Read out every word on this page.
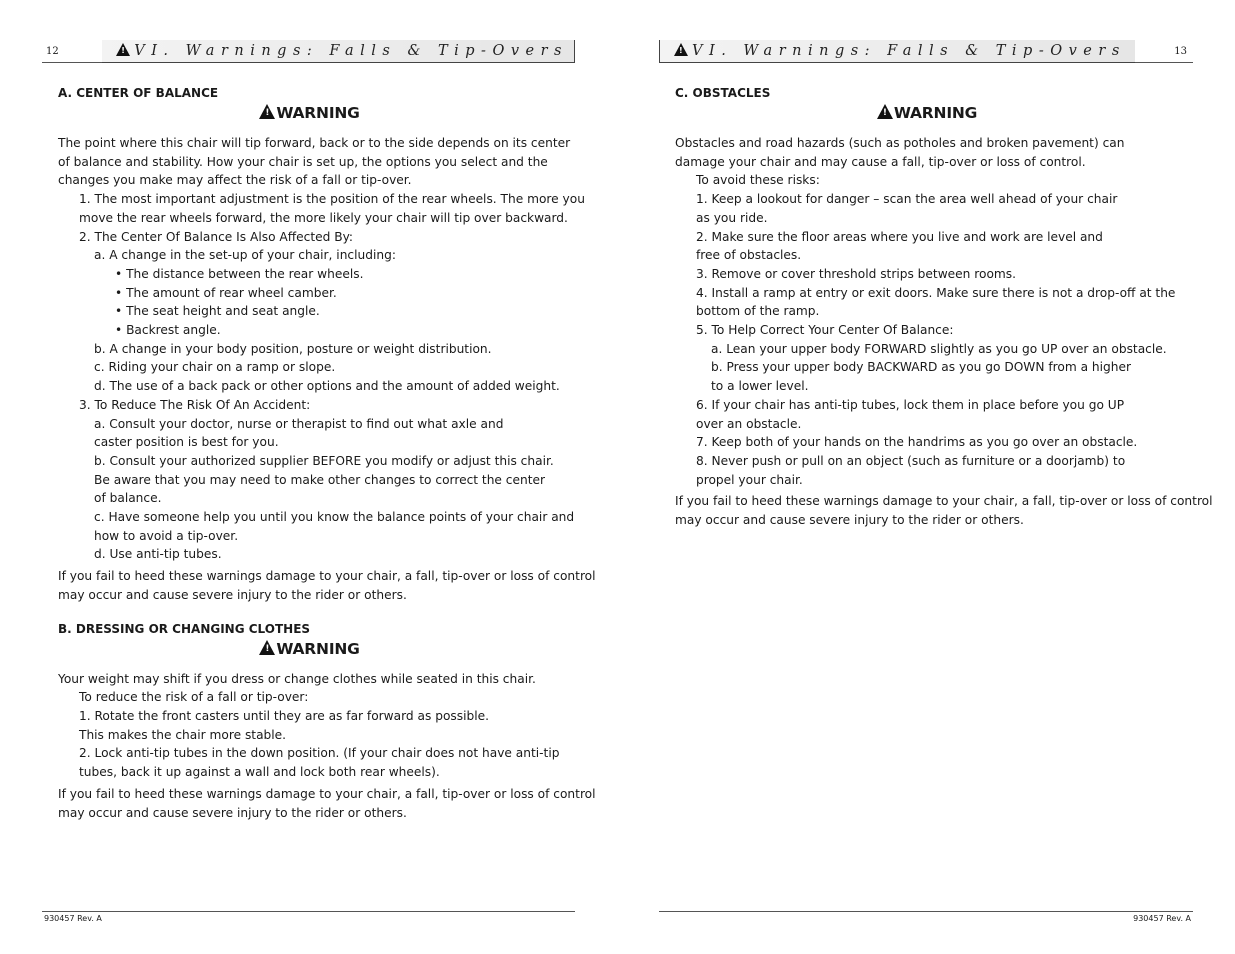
12
!	VI. Warnings: Falls & Tip-Overs
A. CENTER OF BALANCE
!WARNING
The point where this chair will tip forward, back or to the side depends on its center
of balance and stability. How your chair is set up, the options you select and the
changes you make may affect the risk of a fall or tip-over.
1. The most important adjustment is the position of the rear wheels. The more you
move the rear wheels forward, the more likely your chair will tip over backward.
2. The Center Of Balance Is Also Affected By:
a. A change in the set-up of your chair, including:
• The distance between the rear wheels.
• The amount of rear wheel camber.
• The seat height and seat angle.
• Backrest angle.
b. A change in your body position, posture or weight distribution.
c. Riding your chair on a ramp or slope.
d. The use of a back pack or other options and the amount of added weight.
3. To Reduce The Risk Of An Accident:
a. Consult your doctor, nurse or therapist to find out what axle and
caster position is best for you.
b. Consult your authorized supplier BEFORE you modify or adjust this chair.
Be aware that you may need to make other changes to correct the center
of balance.
c. Have someone help you until you know the balance points of your chair and
how to avoid a tip-over.
d. Use anti-tip tubes.
If you fail to heed these warnings damage to your chair, a fall, tip-over or loss of control
may occur and cause severe injury to the rider or others.
B. DRESSING OR CHANGING CLOTHES
!WARNING
Your weight may shift if you dress or change clothes while seated in this chair.
To reduce the risk of a fall or tip-over:
1. Rotate the front casters until they are as far forward as possible.
This makes the chair more stable.
2. Lock anti-tip tubes in the down position. (If your chair does not have anti-tip
tubes, back it up against a wall and lock both rear wheels).
If you fail to heed these warnings damage to your chair, a fall, tip-over or loss of control
may occur and cause severe injury to the rider or others.
930457 Rev. A
13
!VI. Warnings: Falls & Tip-Overs
C. OBSTACLES
!WARNING
Obstacles and road hazards (such as potholes and broken pavement) can
damage your chair and may cause a fall, tip-over or loss of control.
To avoid these risks:
1. Keep a lookout for danger – scan the area well ahead of your chair
as you ride.
2. Make sure the floor areas where you live and work are level and
free of obstacles.
3. Remove or cover threshold strips between rooms.
4. Install a ramp at entry or exit doors. Make sure there is not a drop-off at the
bottom of the ramp.
5. To Help Correct Your Center Of Balance:
a. Lean your upper body FORWARD slightly as you go UP over an obstacle.
b. Press your upper body BACKWARD as you go DOWN from a higher
to a lower level.
6. If your chair has anti-tip tubes, lock them in place before you go UP
over an obstacle.
7. Keep both of your hands on the handrims as you go over an obstacle.
8. Never push or pull on an object (such as furniture or a doorjamb) to
propel your chair.
If you fail to heed these warnings damage to your chair, a fall, tip-over or loss of control
may occur and cause severe injury to the rider or others.
930457 Rev. A
